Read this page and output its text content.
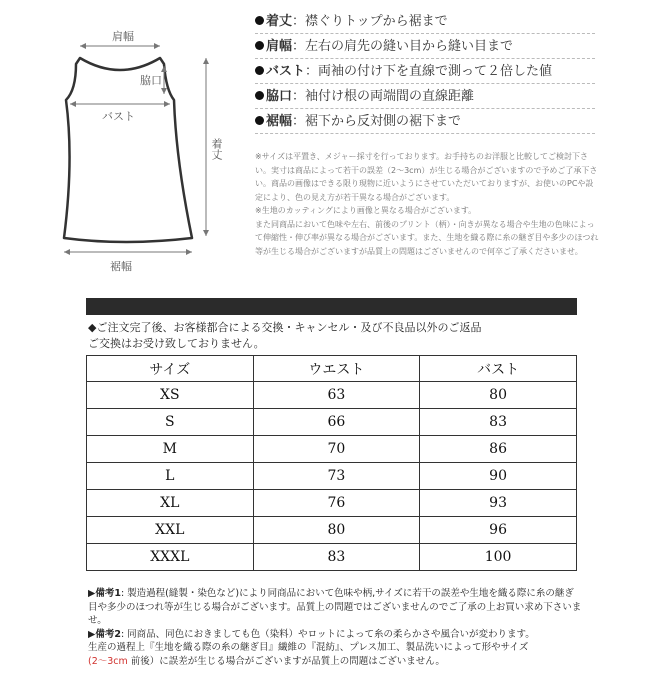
肩幅
脇口
バスト
着丈
裾幅
着丈：襟ぐりトップから裾まで
肩幅：左右の肩先の縫い目から縫い目まで
バスト：両袖の付け下を直線で測って２倍した値
脇口：袖付け根の両端間の直線距離
裾幅：裾下から反対側の裾下まで
※サイズは平置き、メジャー採寸を行っております。お手持ちのお洋服と比較してご検討下さい。実寸は商品によって若干の誤差（2～3cm）が生じる場合がございますので予めご了承下さい。商品の画像はできる限り現物に近いようにさせていただいておりますが、お使いのPCや設定により、色の見え方が若干異なる場合がございます。
※生地のカッティングにより画像と異なる場合がございます。
また同商品において色味や左右、前後のプリント（柄）・向きが異なる場合や生地の色味によって伸縮性・伸び率が異なる場合がございます。また、生地を織る際に糸の継ぎ目や多少のほつれ等が生じる場合がございますが品質上の問題はございませんので何卒ご了承くださいませ。
◆ご注文完了後、お客様都合による交換・キャンセル・及び不良品以外のご返品
ご交換はお受け致しておりません。
サイズ	ウエスト	バスト
XS	63	80
S	66	83
M	70	86
L	73	90
XL	76	93
XXL	80	96
XXXL	83	100
▶備考1: 製造過程(縫製・染色など)により同商品において色味や柄,サイズに若干の誤差や生地を織る際に糸の継ぎ
目や多少のほつれ等が生じる場合がございます。品質上の問題ではございませんのでご了承の上お買い求め下さいませ。
▶備考2: 同商品、同色におきましても色（染料）やロットによって糸の柔らかさや風合いが変わります。
生産の過程上『生地を織る際の糸の継ぎ目』繊維の『混紡』、プレス加工、製品洗いによって形やサイズ
(2～3cm 前後）に誤差が生じる場合がございますが品質上の問題はございません。
